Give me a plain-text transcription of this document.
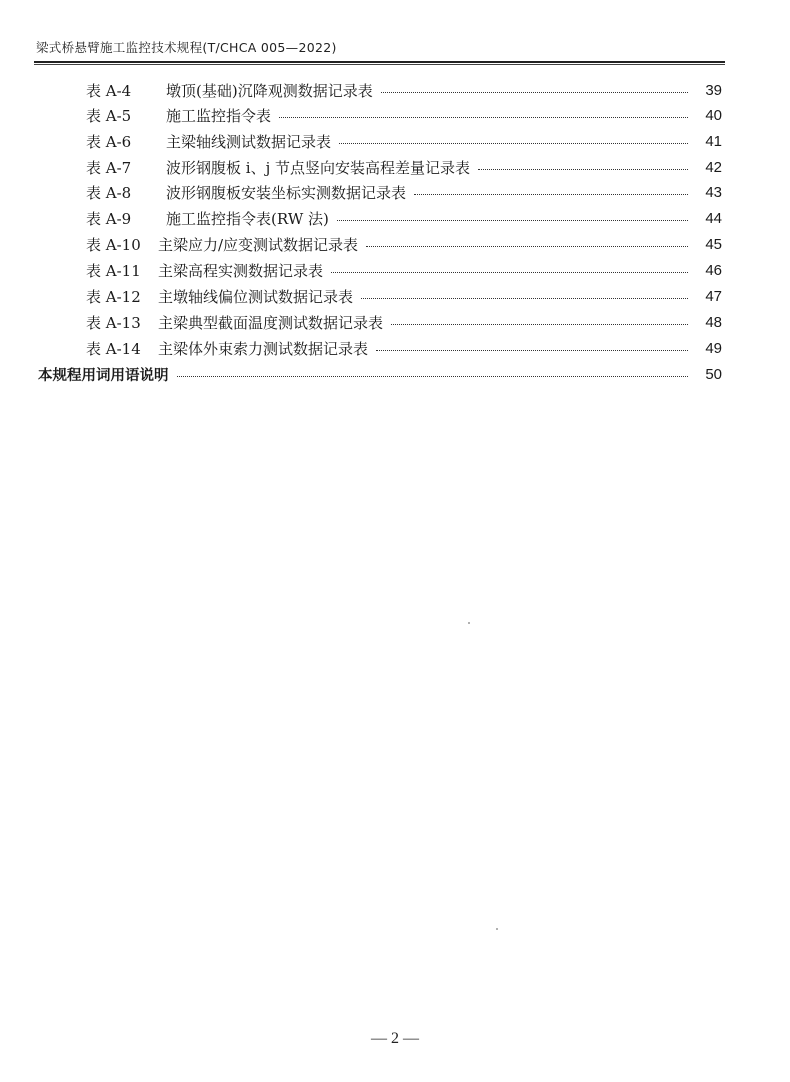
梁式桥悬臂施工监控技术规程(T/CHCA 005—2022)
表 A-4	墩顶(基础)沉降观测数据记录表	39
表 A-5	施工监控指令表	40
表 A-6	主梁轴线测试数据记录表	41
表 A-7	波形钢腹板 i、j 节点竖向安装高程差量记录表	42
表 A-8	波形钢腹板安装坐标实测数据记录表	43
表 A-9	施工监控指令表(RW 法)	44
表 A-10	主梁应力/应变测试数据记录表	45
表 A-11	主梁高程实测数据记录表	46
表 A-12	主墩轴线偏位测试数据记录表	47
表 A-13	主梁典型截面温度测试数据记录表	48
表 A-14	主梁体外束索力测试数据记录表	49
本规程用词用语说明	50
— 2 —
